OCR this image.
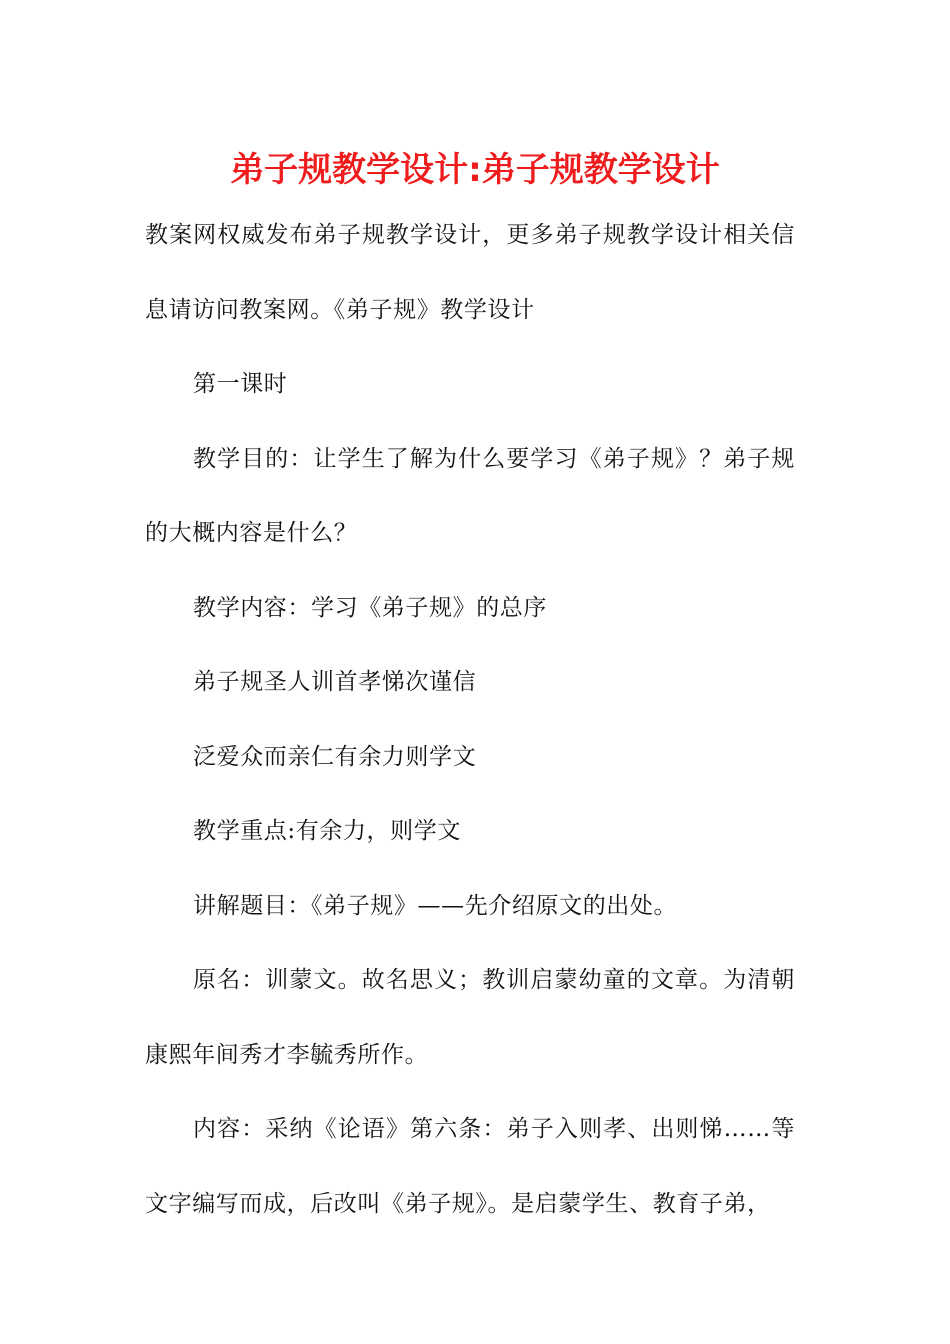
弟子规教学设计:弟子规教学设计

教案网权威发布弟子规教学设计，更多弟子规教学设计相关信息请访问教案网。《弟子规》教学设计

第一课时

教学目的：让学生了解为什么要学习《弟子规》？弟子规的大概内容是什么？

教学内容：学习《弟子规》的总序

弟子规圣人训首孝悌次谨信

泛爱众而亲仁有余力则学文

教学重点:有余力，则学文

讲解题目：《弟子规》——先介绍原文的出处。

原名：训蒙文。故名思义；教训启蒙幼童的文章。为清朝康熙年间秀才李毓秀所作。

内容：采纳《论语》第六条：弟子入则孝、出则悌……等文字编写而成，后改叫《弟子规》。是启蒙学生、教育子弟，
